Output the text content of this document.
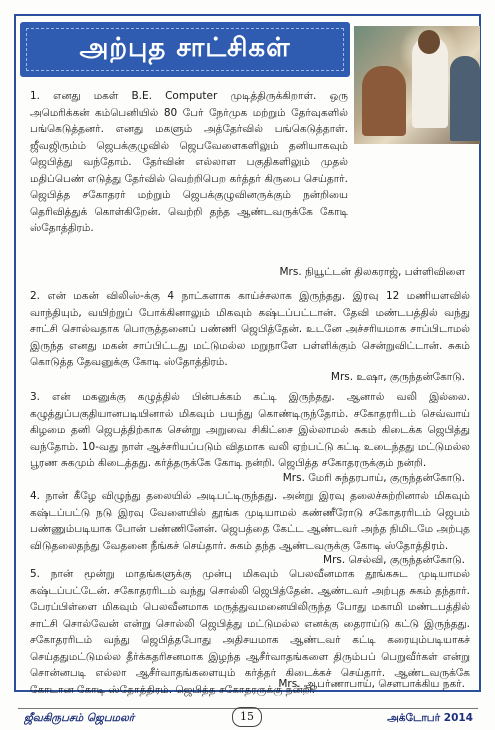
அற்புத சாட்சிகள்

1. எனது மகள் B.E. Computer முடித்திருக்கிறாள். ஒரு அமெரிக்கன் கம்பெனியில் 80 பேர் நேர்முக மற்றும் தேர்வுகளில் பங்கெடுத்தனர். எனது மகளும் அத்தேர்வில் பங்கெடுத்தாள். ஜீவஜிரும்ம் ஜெபக்குழுவில் ஜெபவேளைகளிலும் தனியாகவும் ஜெபித்து வந்தோம். தேர்வின் எல்லாள பகுதிகளிலும் முதல் மதிப்பெண் எடுத்து தேர்வில் வெற்றிபெற கர்த்தர் கிருபை செய்தார். ஜெபித்த சகோதரர் மற்றும் ஜெபக்குழுவினருக்கும் நன்றியை தெரிவித்துக் கொள்கிறேன். வெற்றி தந்த ஆண்டவருக்கே கோடி ஸ்தோத்திரம்.

Mrs. நியூட்டன் திலகராஜ், பள்ளிவிளை

2. என் மகன் விலிஸ்-க்கு 4 நாட்களாக காய்ச்சலாக இருந்தது. இரவு 12 மணியளவில் வாந்தியும், வயிற்றுப் போக்கினாலும் மிகவும் கஷ்டப்பட்டான். தேவி மண்டபத்தில் வந்து சாட்சி சொல்வதாக பொருத்தனைப் பண்ணி ஜெபித்தேன். உடனே அச்சரியமாக சாப்பிடாமல் இருந்த எனது மகன் சாப்பிட்டது மட்டுமல்ல மறுநாளே பள்ளிக்கும் சென்றுவிட்டான். சுகம் கொடுத்த தேவனுக்கு கோடி ஸ்தோத்திரம்.

Mrs. உஷா, குருந்தன்கோடு.

3. என் மகனுக்கு கழுத்தில் பின்பக்கம் கட்டி இருந்தது. ஆனால் வலி இல்லை. கழுத்துப்பகுதியானபடியினால் மிகவும் பயந்து கொண்டிருந்தோம். சகோதரரிடம் செவ்வாய் கிழமை தனி ஜெபத்திற்காக சென்று அறுவை சிகிட்சை இல்லாமல் சுகம் கிடைக்க ஜெபித்து வந்தோம். 10-வது நாள் ஆச்சரியப்படும் விதமாக வலி ஏற்பட்டு கட்டி உடைந்தது மட்டுமல்ல பூரண சுகமும் கிடைத்தது. கர்த்தருக்கே கோடி நன்றி. ஜெபித்த சகோதரருக்கும் நன்றி.

Mrs. மேரி சுந்தரபாய், குருந்தன்கோடு.

4. நான் கீழே விழுந்து தலையில் அடிபட்டிருந்தது. அன்று இரவு தலைச்சுற்றினால் மிகவும் கஷ்டப்பட்டு நடு இரவு வேளையில் தூங்க முடியாமல் கண்ணீரோடு சகோதரரிடம் ஜெபம் பண்ணும்படியாக போன் பண்ணினேன். ஜெபத்தை கேட்ட ஆண்டவர் அந்த நிமிடமே அற்புத விடுதலைதந்து வேதனை நீங்கச் செய்தார். சுகம் தந்த ஆண்டவருக்கு கோடி ஸ்தோத்திரம்.

Mrs. செல்வி, குருந்தன்கோடு.

5. நான் மூன்று மாதங்களுக்கு முன்பு மிகவும் பெலவீனமாக தூங்கசுட முடியாமல் கஷ்டப்பட்டேன். சகோதரரிடம் வந்து சொல்லி ஜெபித்தேன். ஆண்டவர் அற்புத சுகம் தந்தார். பேரப்பிள்ளை மிகவும் பெலவீனமாக மருத்துவமனையிலிருந்த போது மகாமி மண்டபத்தில் சாட்சி சொல்வேன் என்று சொல்லி ஜெபித்து மட்டுமல்ல எனக்கு தைராய்டு கட்டு இருந்தது. சகோதரரிடம் வந்து ஜெபித்தபோது அதிசயமாக ஆண்டவர் கட்டி கரையும்படியாகச் செய்ததுமட்டுமல்ல தீர்க்கதரிசனமாக இழந்த ஆசீர்வாதங்களை திரும்பப் பெறுவீர்கள் என்று சொன்னபடி எல்லா ஆசீர்வாதங்களையும் கர்த்தர் கிடைக்கச் செய்தார். ஆண்டவருக்கே கோடான கோடி ஸ்தோத்திரம். ஜெபித்த சகோதரருக்கு நன்றி.

Mrs. ஆபர்ணாபாய், செளபாக்கிய நகர்.
ஜீவகிருபசம் ஜெபமலர்	15	அக்டோபர் 2014
